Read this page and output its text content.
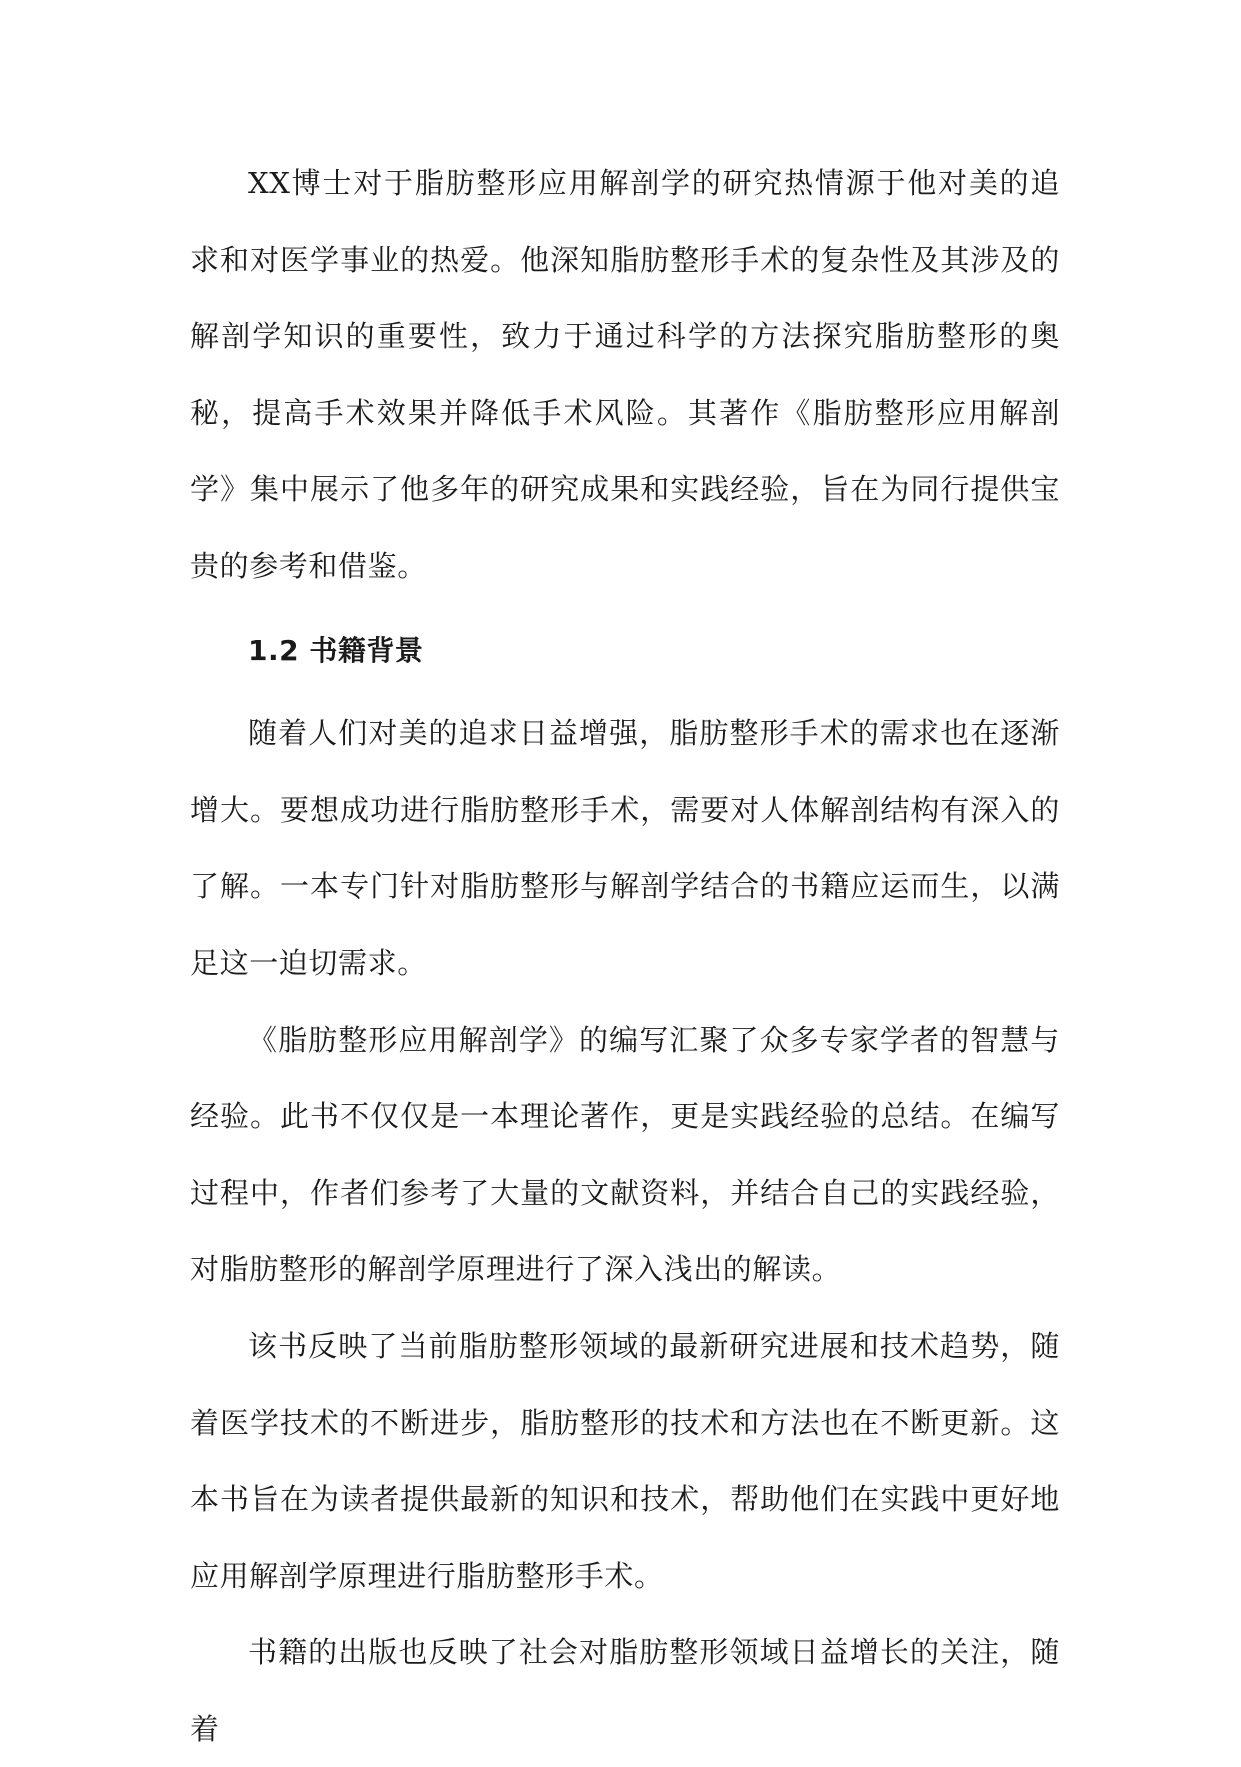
XX博士对于脂肪整形应用解剖学的研究热情源于他对美的追求和对医学事业的热爱。他深知脂肪整形手术的复杂性及其涉及的解剖学知识的重要性，致力于通过科学的方法探究脂肪整形的奥秘，提高手术效果并降低手术风险。其著作《脂肪整形应用解剖学》集中展示了他多年的研究成果和实践经验，旨在为同行提供宝贵的参考和借鉴。

1.2 书籍背景

随着人们对美的追求日益增强，脂肪整形手术的需求也在逐渐增大。要想成功进行脂肪整形手术，需要对人体解剖结构有深入的了解。一本专门针对脂肪整形与解剖学结合的书籍应运而生，以满足这一迫切需求。

《脂肪整形应用解剖学》的编写汇聚了众多专家学者的智慧与经验。此书不仅仅是一本理论著作，更是实践经验的总结。在编写过程中，作者们参考了大量的文献资料，并结合自己的实践经验，对脂肪整形的解剖学原理进行了深入浅出的解读。

该书反映了当前脂肪整形领域的最新研究进展和技术趋势，随着医学技术的不断进步，脂肪整形的技术和方法也在不断更新。这本书旨在为读者提供最新的知识和技术，帮助他们在实践中更好地应用解剖学原理进行脂肪整形手术。

书籍的出版也反映了社会对脂肪整形领域日益增长的关注，随着
